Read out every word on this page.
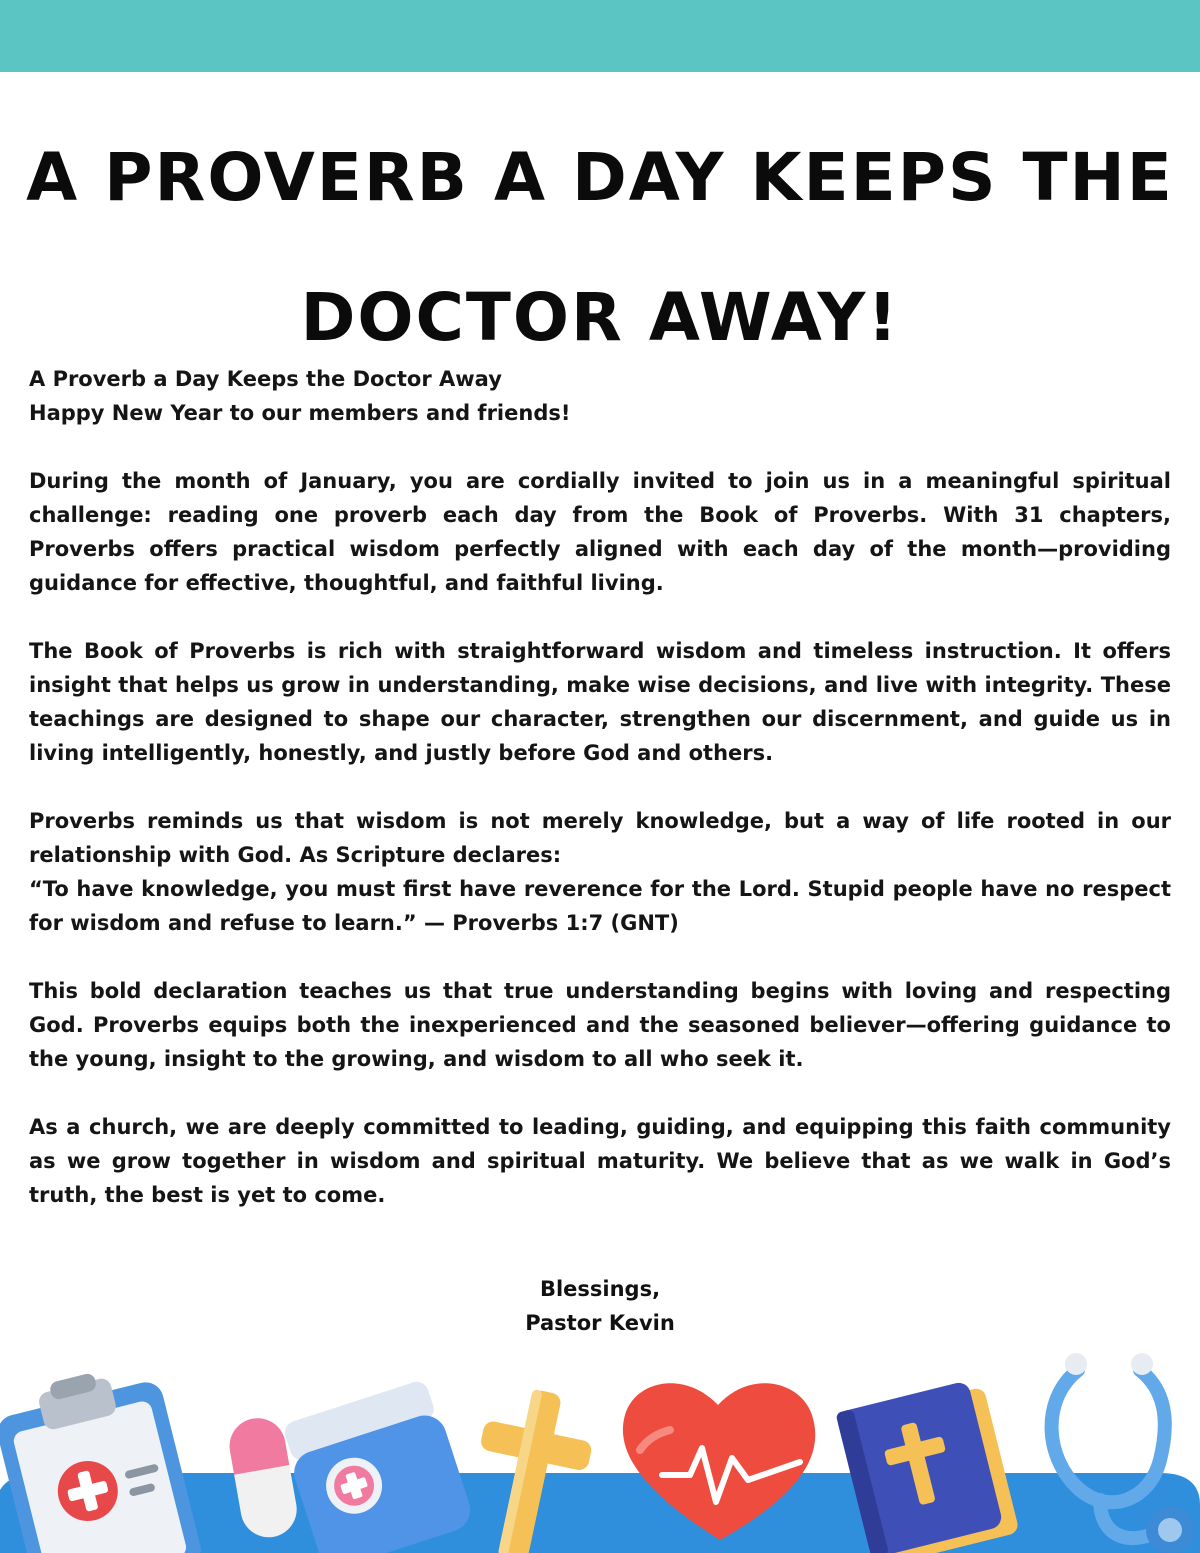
A PROVERB A DAY KEEPS THE
DOCTOR AWAY!

A Proverb a Day Keeps the Doctor Away
Happy New Year to our members and friends!

During the month of January, you are cordially invited to join us in a meaningful spiritual challenge: reading one proverb each day from the Book of Proverbs. With 31 chapters, Proverbs offers practical wisdom perfectly aligned with each day of the month—providing guidance for effective, thoughtful, and faithful living.

The Book of Proverbs is rich with straightforward wisdom and timeless instruction. It offers insight that helps us grow in understanding, make wise decisions, and live with integrity. These teachings are designed to shape our character, strengthen our discernment, and guide us in living intelligently, honestly, and justly before God and others.

Proverbs reminds us that wisdom is not merely knowledge, but a way of life rooted in our relationship with God. As Scripture declares:
“To have knowledge, you must first have reverence for the Lord. Stupid people have no respect for wisdom and refuse to learn.” — Proverbs 1:7 (GNT)

This bold declaration teaches us that true understanding begins with loving and respecting God. Proverbs equips both the inexperienced and the seasoned believer—offering guidance to the young, insight to the growing, and wisdom to all who seek it.

As a church, we are deeply committed to leading, guiding, and equipping this faith community as we grow together in wisdom and spiritual maturity. We believe that as we walk in God’s truth, the best is yet to come.

Blessings,
Pastor Kevin
